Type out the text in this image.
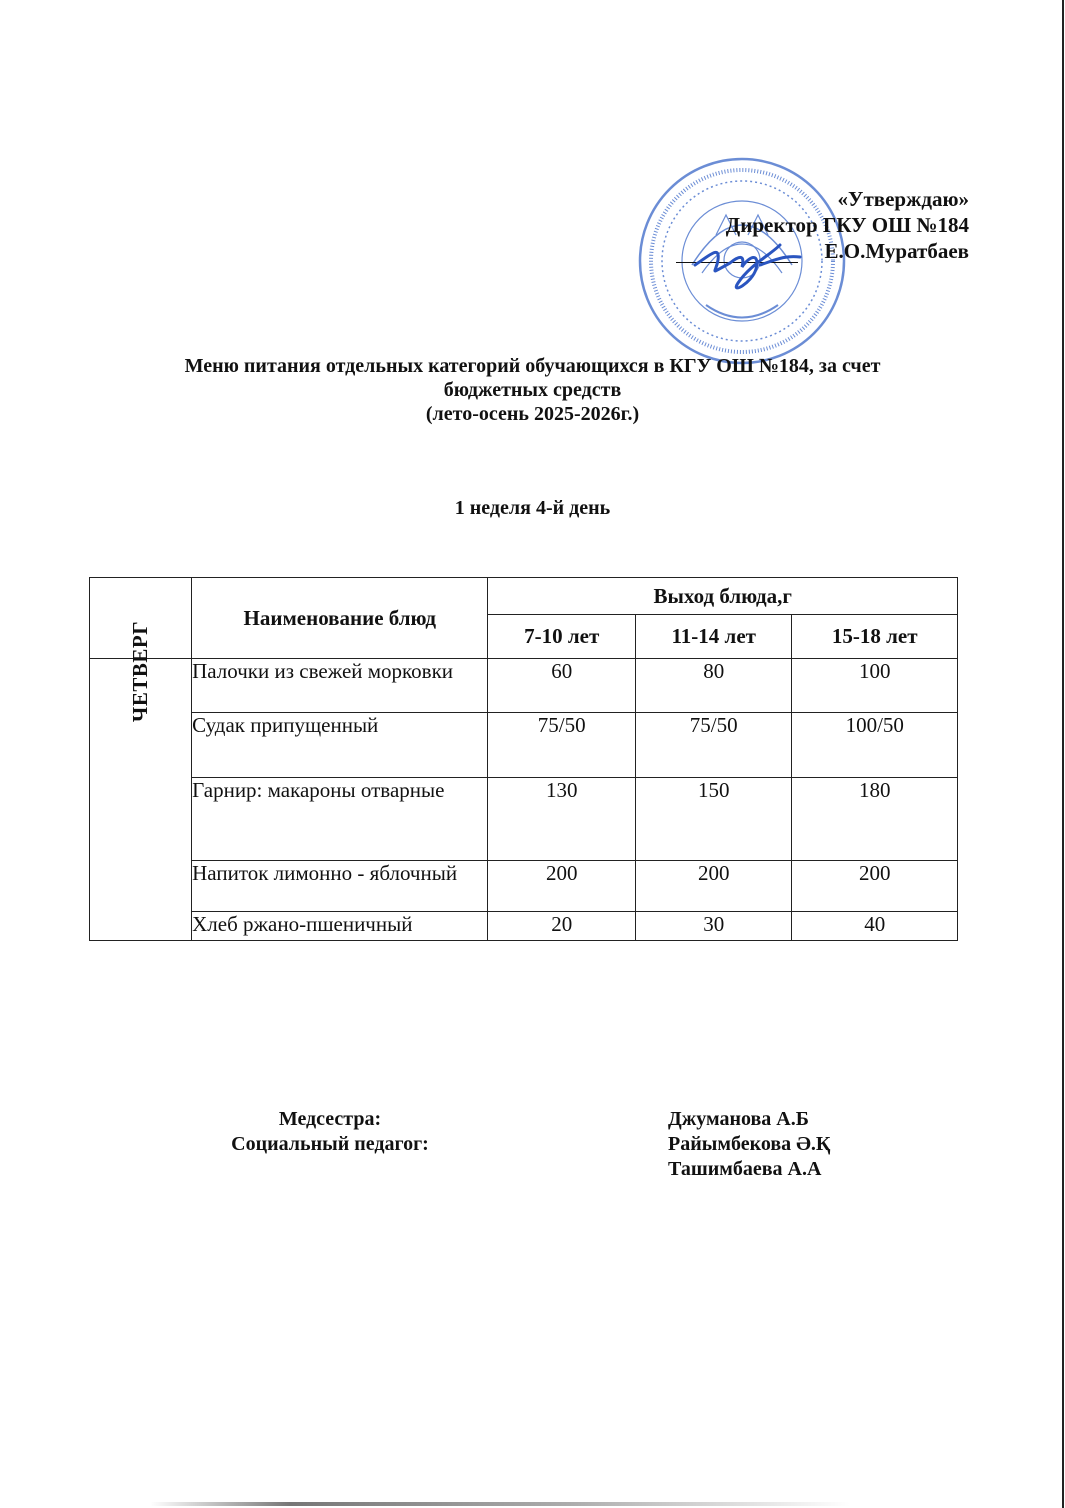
«Утверждаю»
Директор ГКУ ОШ №184
Е.О.Муратбаев
Меню питания отдельных категорий обучающихся в КГУ ОШ №184, за счет
бюджетных средств
(лето-осень 2025-2026г.)
1 неделя 4-й день
	Наименование блюд	Выход блюда,г		
		7-10 лет	11-14 лет	15-18 лет
ЧЕТВЕРГ	Палочки из свежей морковки	60	80	100
	Судак припущенный	75/50	75/50	100/50
	Гарнир: макароны отварные	130	150	180
	Напиток лимонно - яблочный	200	200	200
	Хлеб ржано-пшеничный	20	30	40
Медсестра:
Социальный педагог:
Джуманова А.Б
Райымбекова Ә.Қ
Ташимбаева А.А
